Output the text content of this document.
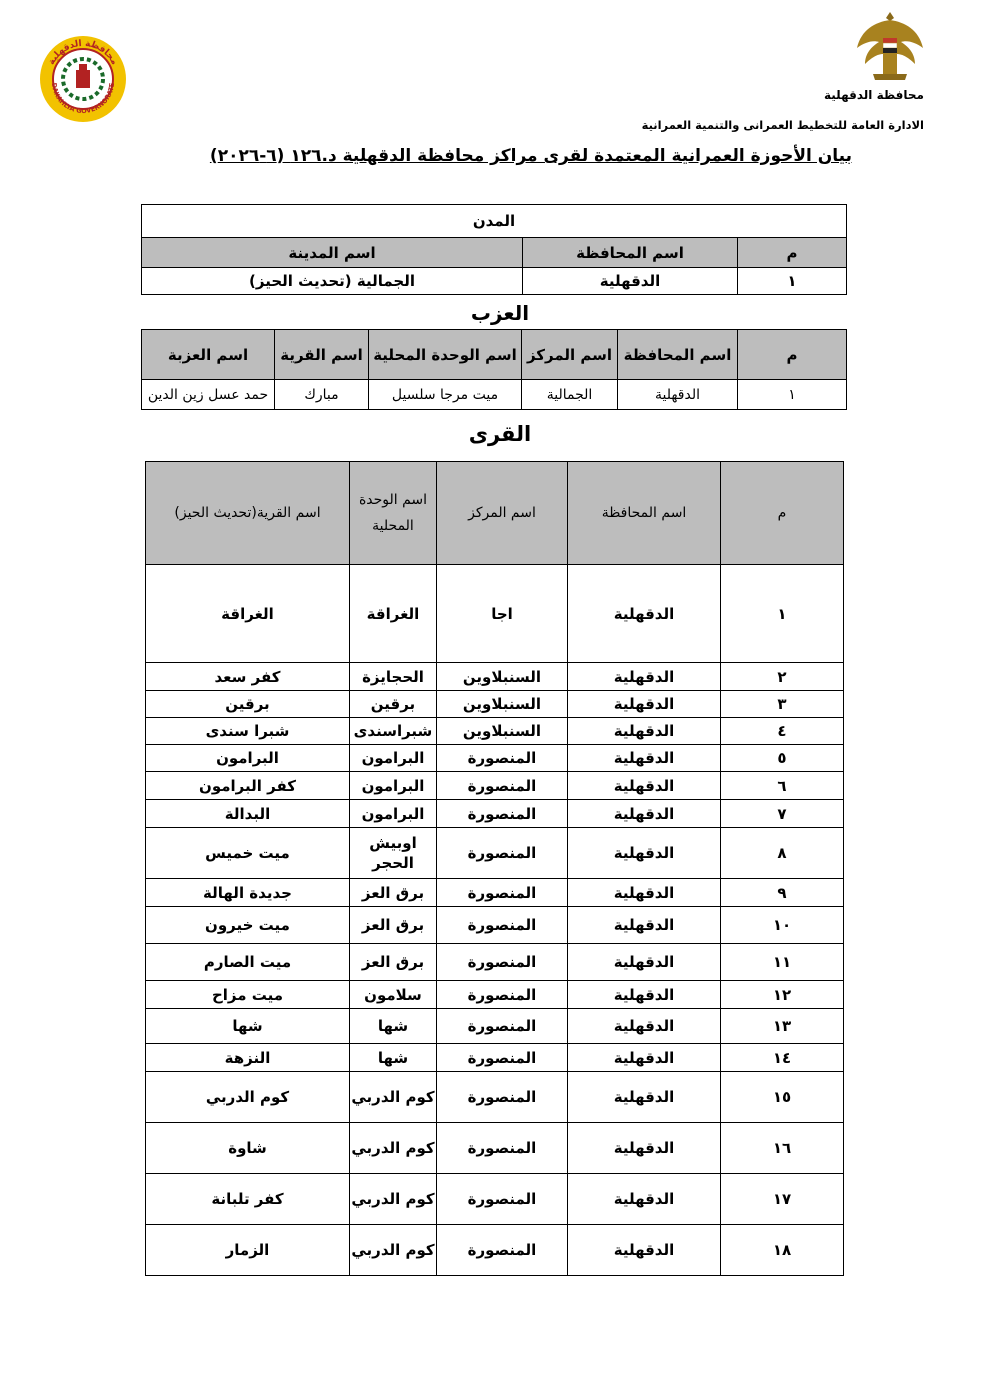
محافظة الدقهلية
الادارة العامة للتخطيط العمرانى والتنمية العمرانية
محافظة الدقهلية
DAKAHLYA GOVERNORATE
بيان الأحوزة العمرانية المعتمدة لقرى مراكز محافظة الدقهلية د.١٢٦ (٦-٢٠٢٦)
المدن		
م	اسم المحافظة	اسم المدينة
١	الدقهلية	الجمالية (تحديث الحيز)
العزب
م	اسم المحافظة	اسم المركز	اسم الوحدة المحلية	اسم القرية	اسم العزبة
١	الدقهلية	الجمالية	ميت مرجا سلسيل	مبارك	حمد عسل زين الدين
القرى
م	اسم المحافظة	اسم المركز	اسم الوحدة المحلية	اسم القرية(تحديث الحيز)
١	الدقهلية	اجا	الغراقة	الغراقة
٢	الدقهلية	السنبلاوين	الحجايزة	كفر سعد
٣	الدقهلية	السنبلاوين	برقين	برقين
٤	الدقهلية	السنبلاوين	شبراسندى	شبرا سندى
٥	الدقهلية	المنصورة	البرامون	البرامون
٦	الدقهلية	المنصورة	البرامون	كفر البرامون
٧	الدقهلية	المنصورة	البرامون	البدالة
٨	الدقهلية	المنصورة	اوبيش الحجر	ميت خميس
٩	الدقهلية	المنصورة	برق العز	جديدة الهالة
١٠	الدقهلية	المنصورة	برق العز	ميت خيرون
١١	الدقهلية	المنصورة	برق العز	ميت الصارم
١٢	الدقهلية	المنصورة	سلامون	ميت مزاح
١٣	الدقهلية	المنصورة	شها	شها
١٤	الدقهلية	المنصورة	شها	النزهة
١٥	الدقهلية	المنصورة	كوم الدربي	كوم الدربي
١٦	الدقهلية	المنصورة	كوم الدربي	شاوة
١٧	الدقهلية	المنصورة	كوم الدربي	كفر تلبانة
١٨	الدقهلية	المنصورة	كوم الدربي	الزمار
